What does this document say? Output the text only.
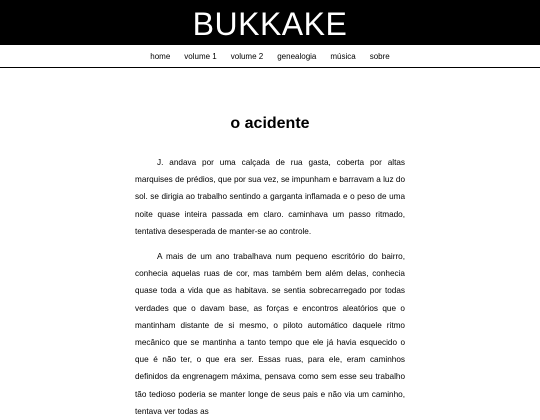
BUKKAKE
home volume 1 volume 2 genealogia música sobre
o acidente

J. andava por uma calçada de rua gasta, coberta por altas marquises de prédios, que por sua vez, se impunham e barravam a luz do sol. se dirigia ao trabalho sentindo a garganta inflamada e o peso de uma noite quase inteira passada em claro. caminhava um passo ritmado, tentativa desesperada de manter-se ao controle.

A mais de um ano trabalhava num pequeno escritório do bairro, conhecia aquelas ruas de cor, mas também bem além delas, conhecia quase toda a vida que as habitava. se sentia sobrecarregado por todas verdades que o davam base, as forças e encontros aleatórios que o mantinham distante de si mesmo, o piloto automático daquele ritmo mecânico que se mantinha a tanto tempo que ele já havia esquecido o que é não ter, o que era ser. Essas ruas, para ele, eram caminhos definidos da engrenagem máxima, pensava como sem esse seu trabalho tão tedioso poderia se manter longe de seus pais e não via um caminho, tentava ver todas as
